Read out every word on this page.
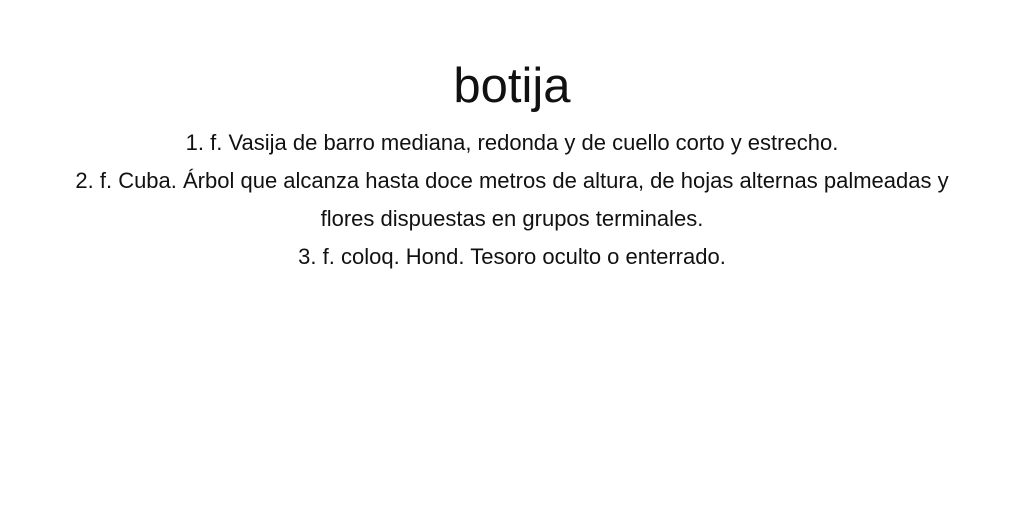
botija
1. f. Vasija de barro mediana, redonda y de cuello corto y estrecho.
2. f. Cuba. Árbol que alcanza hasta doce metros de altura, de hojas alternas palmeadas y flores dispuestas en grupos terminales.
3. f. coloq. Hond. Tesoro oculto o enterrado.
